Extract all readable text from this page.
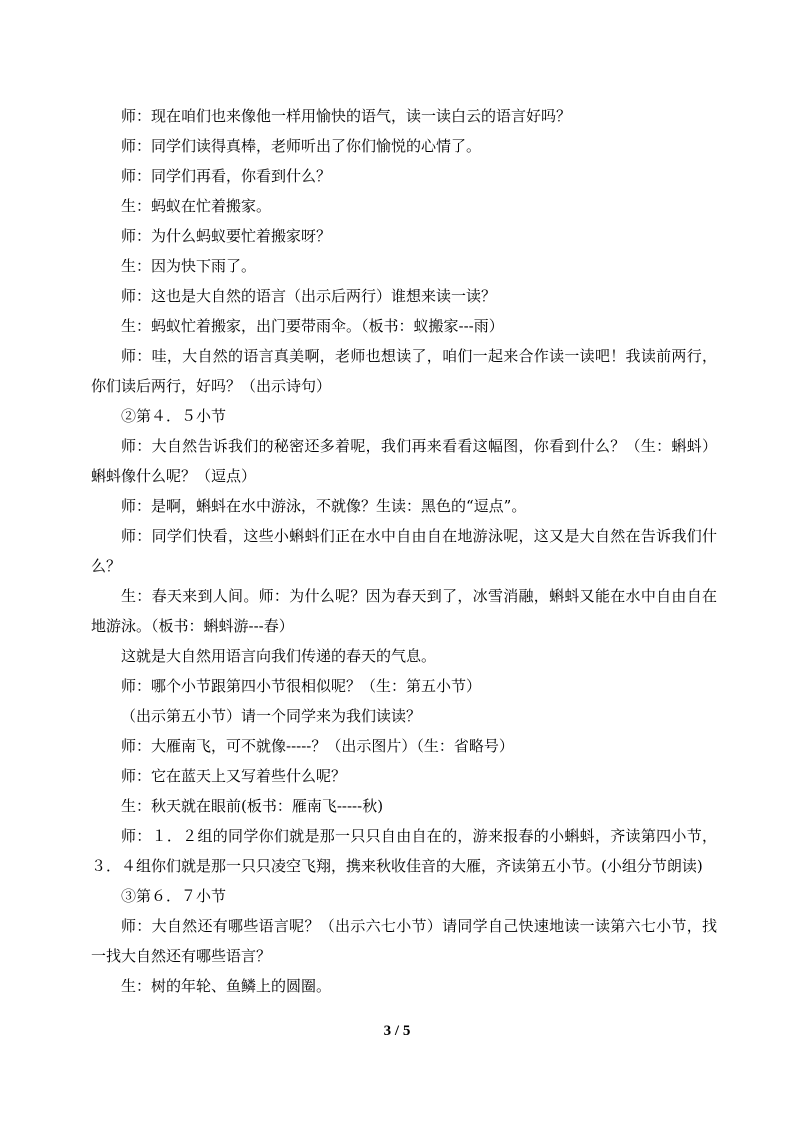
师：现在咱们也来像他一样用愉快的语气，读一读白云的语言好吗？

师：同学们读得真棒，老师听出了你们愉悦的心情了。

师：同学们再看，你看到什么？

生：蚂蚁在忙着搬家。

师：为什么蚂蚁要忙着搬家呀？

生：因为快下雨了。

师：这也是大自然的语言（出示后两行）谁想来读一读？

生：蚂蚁忙着搬家，出门要带雨伞。（板书：蚁搬家---雨）

师：哇，大自然的语言真美啊，老师也想读了，咱们一起来合作读一读吧！我读前两行，你们读后两行，好吗？（出示诗句）

②第４．５小节

师：大自然告诉我们的秘密还多着呢，我们再来看看这幅图，你看到什么？（生：蝌蚪）蝌蚪像什么呢？（逗点）

师：是啊，蝌蚪在水中游泳，不就像？生读：黑色的“逗点”。

师：同学们快看，这些小蝌蚪们正在水中自由自在地游泳呢，这又是大自然在告诉我们什么？

生：春天来到人间。师：为什么呢？因为春天到了，冰雪消融，蝌蚪又能在水中自由自在地游泳。（板书：蝌蚪游---春）

这就是大自然用语言向我们传递的春天的气息。

师：哪个小节跟第四小节很相似呢？（生：第五小节）

（出示第五小节）请一个同学来为我们读读？

师：大雁南飞，可不就像-----？（出示图片）（生：省略号）

师：它在蓝天上又写着些什么呢？

生：秋天就在眼前(板书：雁南飞-----秋)

师：１．２组的同学你们就是那一只只自由自在的，游来报春的小蝌蚪，齐读第四小节，３．４组你们就是那一只只凌空飞翔，携来秋收佳音的大雁，齐读第五小节。(小组分节朗读)

③第６．７小节

师：大自然还有哪些语言呢？（出示六七小节）请同学自己快速地读一读第六七小节，找一找大自然还有哪些语言？

生：树的年轮、鱼鳞上的圆圈。

3 / 5
